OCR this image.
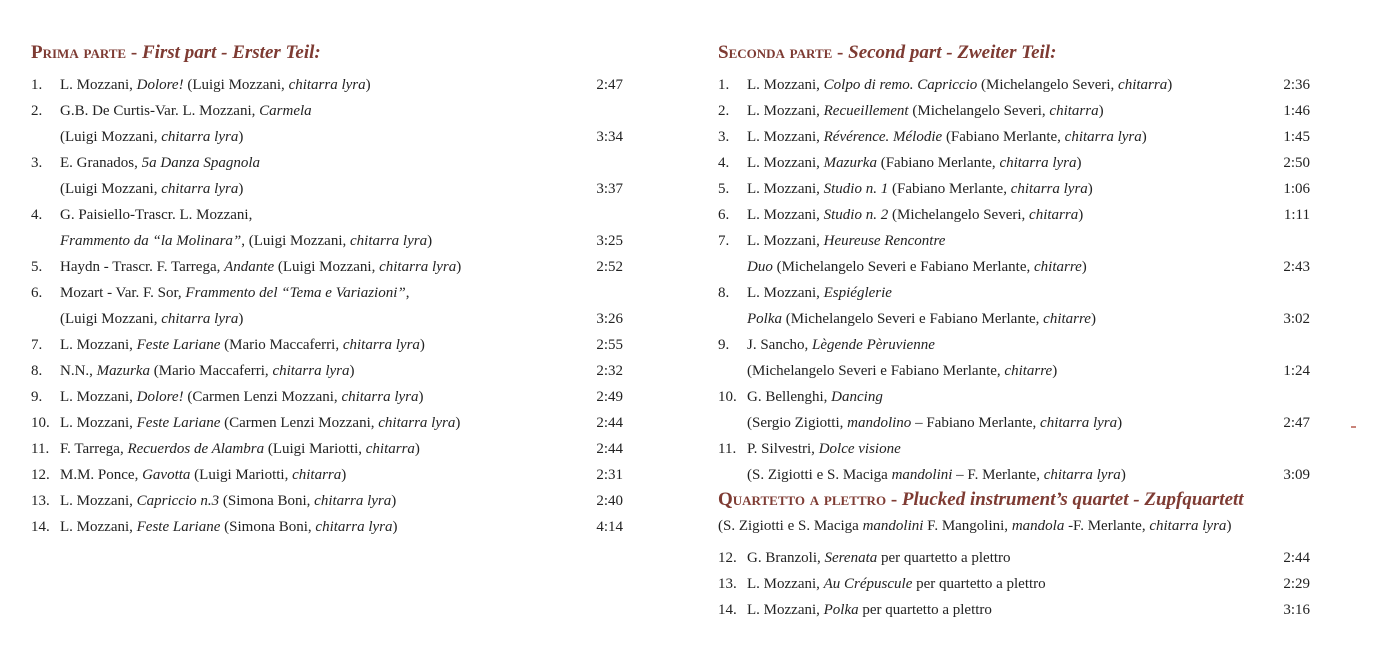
Prima parte - First part - Erster Teil:
1. L. Mozzani, Dolore! (Luigi Mozzani, chitarra lyra)	2:47
2. G.B. De Curtis-Var. L. Mozzani, Carmela
(Luigi Mozzani, chitarra lyra)	3:34
3. E. Granados, 5a Danza Spagnola
(Luigi Mozzani, chitarra lyra)	3:37
4. G. Paisiello-Trascr. L. Mozzani,
Frammento da “la Molinara”, (Luigi Mozzani, chitarra lyra)	3:25
5. Haydn - Trascr. F. Tarrega, Andante (Luigi Mozzani, chitarra lyra)	2:52
6. Mozart - Var. F. Sor, Frammento del “Tema e Variazioni”,
(Luigi Mozzani, chitarra lyra)	3:26
7. L. Mozzani, Feste Lariane (Mario Maccaferri, chitarra lyra)	2:55
8. N.N., Mazurka (Mario Maccaferri, chitarra lyra)	2:32
9. L. Mozzani, Dolore! (Carmen Lenzi Mozzani, chitarra lyra)	2:49
10. L. Mozzani, Feste Lariane (Carmen Lenzi Mozzani, chitarra lyra)	2:44
11. F. Tarrega, Recuerdos de Alambra (Luigi Mariotti, chitarra)	2:44
12. M.M. Ponce, Gavotta (Luigi Mariotti, chitarra)	2:31
13. L. Mozzani, Capriccio n.3 (Simona Boni, chitarra lyra)	2:40
14. L. Mozzani, Feste Lariane (Simona Boni, chitarra lyra)	4:14
Seconda parte - Second part - Zweiter Teil:
1. L. Mozzani, Colpo di remo. Capriccio (Michelangelo Severi, chitarra)	2:36
2. L. Mozzani, Recueillement (Michelangelo Severi, chitarra)	1:46
3. L. Mozzani, Révérence. Mélodie (Fabiano Merlante, chitarra lyra)	1:45
4. L. Mozzani, Mazurka (Fabiano Merlante, chitarra lyra)	2:50
5. L. Mozzani, Studio n. 1 (Fabiano Merlante, chitarra lyra)	1:06
6. L. Mozzani, Studio n. 2 (Michelangelo Severi, chitarra)	1:11
7. L. Mozzani, Heureuse Rencontre
Duo (Michelangelo Severi e Fabiano Merlante, chitarre)	2:43
8. L. Mozzani, Espiéglerie
Polka (Michelangelo Severi e Fabiano Merlante, chitarre)	3:02
9. J. Sancho, Lègende Pèruvienne
(Michelangelo Severi e Fabiano Merlante, chitarre)	1:24
10. G. Bellenghi, Dancing
(Sergio Zigiotti, mandolino – Fabiano Merlante, chitarra lyra)	2:47
11. P. Silvestri, Dolce visione
(S. Zigiotti e S. Maciga mandolini – F. Merlante, chitarra lyra)	3:09
Quartetto a plettro - Plucked instrument’s quartet - Zupfquartett
(S. Zigiotti e S. Maciga mandolini F. Mangolini, mandola -F. Merlante, chitarra lyra)
12. G. Branzoli, Serenata per quartetto a plettro	2:44
13. L. Mozzani, Au Crépuscule per quartetto a plettro	2:29
14. L. Mozzani, Polka per quartetto a plettro	3:16
